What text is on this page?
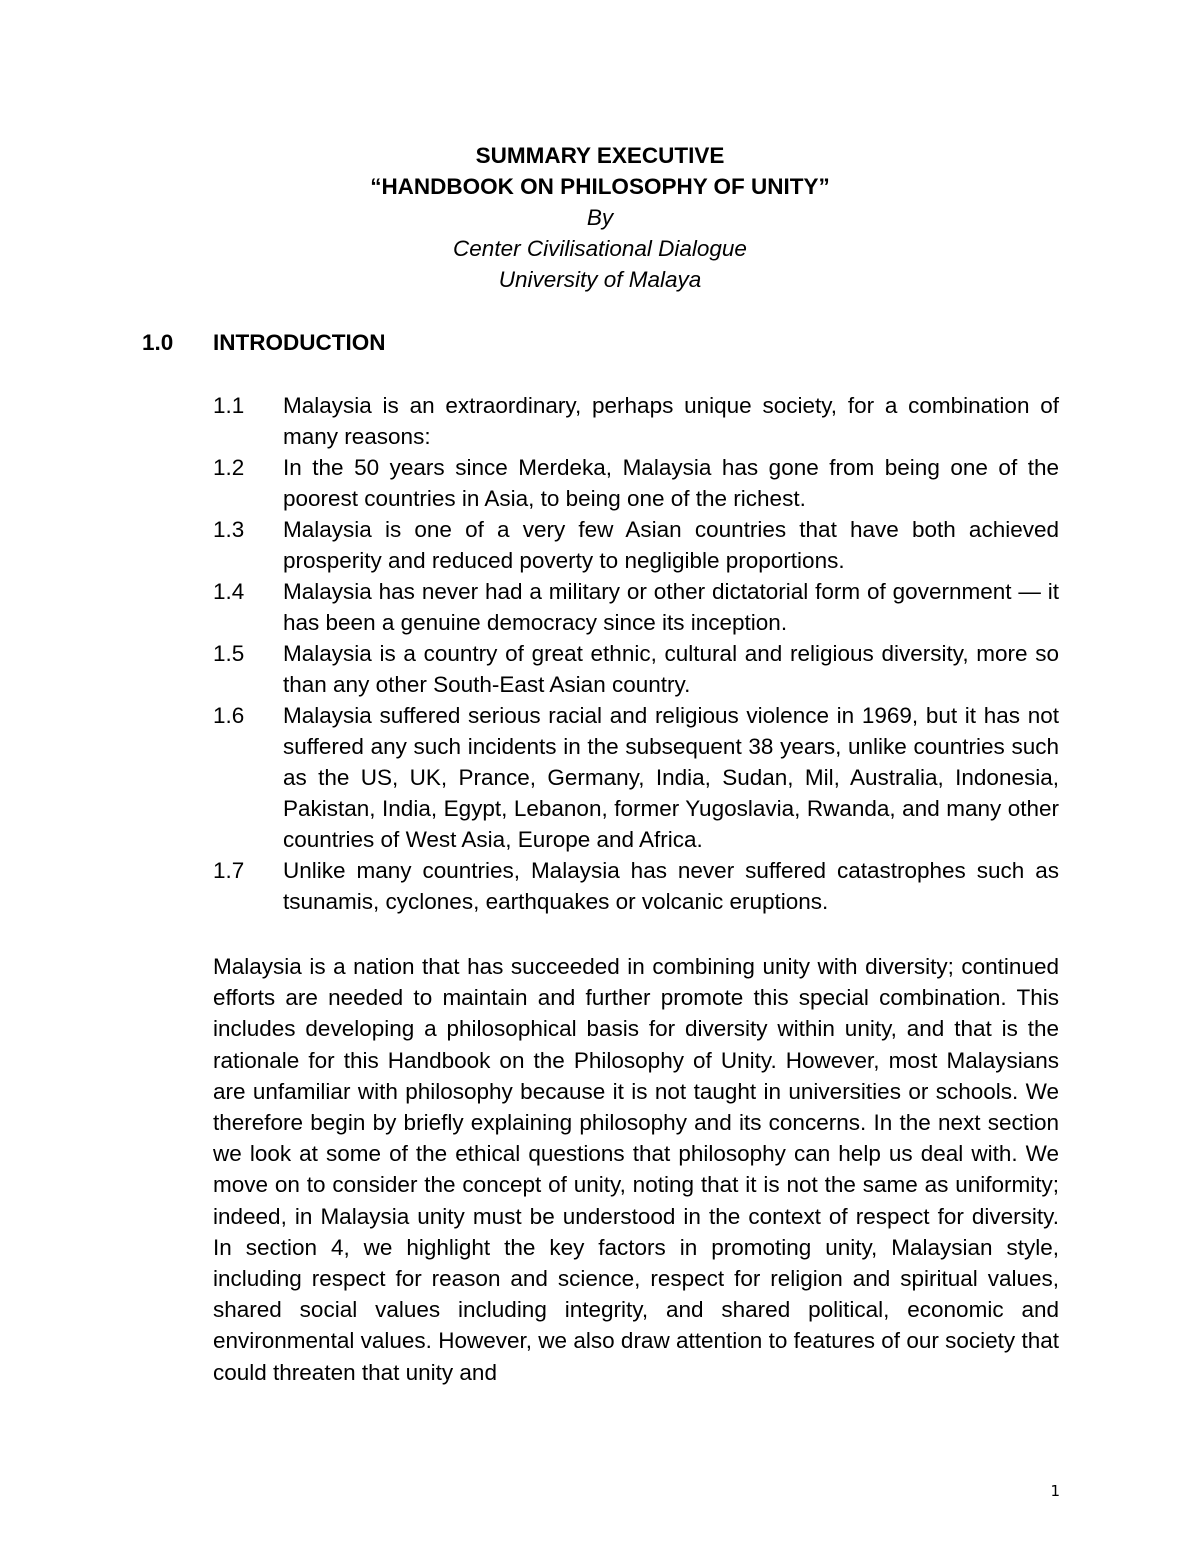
SUMMARY EXECUTIVE
“HANDBOOK ON PHILOSOPHY OF UNITY”
By
Center Civilisational Dialogue
University of Malaya
1.0 INTRODUCTION
1.1	Malaysia is an extraordinary, perhaps unique society, for a combination of many reasons:
1.2	In the 50 years since Merdeka, Malaysia has gone from being one of the poorest countries in Asia, to being one of the richest.
1.3	Malaysia is one of a very few Asian countries that have both achieved prosperity and reduced poverty to negligible proportions.
1.4	Malaysia has never had a military or other dictatorial form of government — it has been a genuine democracy since its inception.
1.5	Malaysia is a country of great ethnic, cultural and religious diversity, more so than any other South-East Asian country.
1.6	Malaysia suffered serious racial and religious violence in 1969, but it has not suffered any such incidents in the subsequent 38 years, unlike countries such as the US, UK, Prance, Germany, India, Sudan, Mil, Australia, Indonesia, Pakistan, India, Egypt, Lebanon, former Yugoslavia, Rwanda, and many other countries of West Asia, Europe and Africa.
1.7	Unlike many countries, Malaysia has never suffered catastrophes such as tsunamis, cyclones, earthquakes or volcanic eruptions.

Malaysia is a nation that has succeeded in combining unity with diversity; continued efforts are needed to maintain and further promote this special combination. This includes developing a philosophical basis for diversity within unity, and that is the rationale for this Handbook on the Philosophy of Unity. However, most Malaysians are unfamiliar with philosophy because it is not taught in universities or schools. We therefore begin by briefly explaining philosophy and its concerns. In the next section we look at some of the ethical questions that philosophy can help us deal with. We move on to consider the concept of unity, noting that it is not the same as uniformity; indeed, in Malaysia unity must be understood in the context of respect for diversity. In section 4, we highlight the key factors in promoting unity, Malaysian style, including respect for reason and science, respect for religion and spiritual values, shared social values including integrity, and shared political, economic and environmental values. However, we also draw attention to features of our society that could threaten that unity and

1
